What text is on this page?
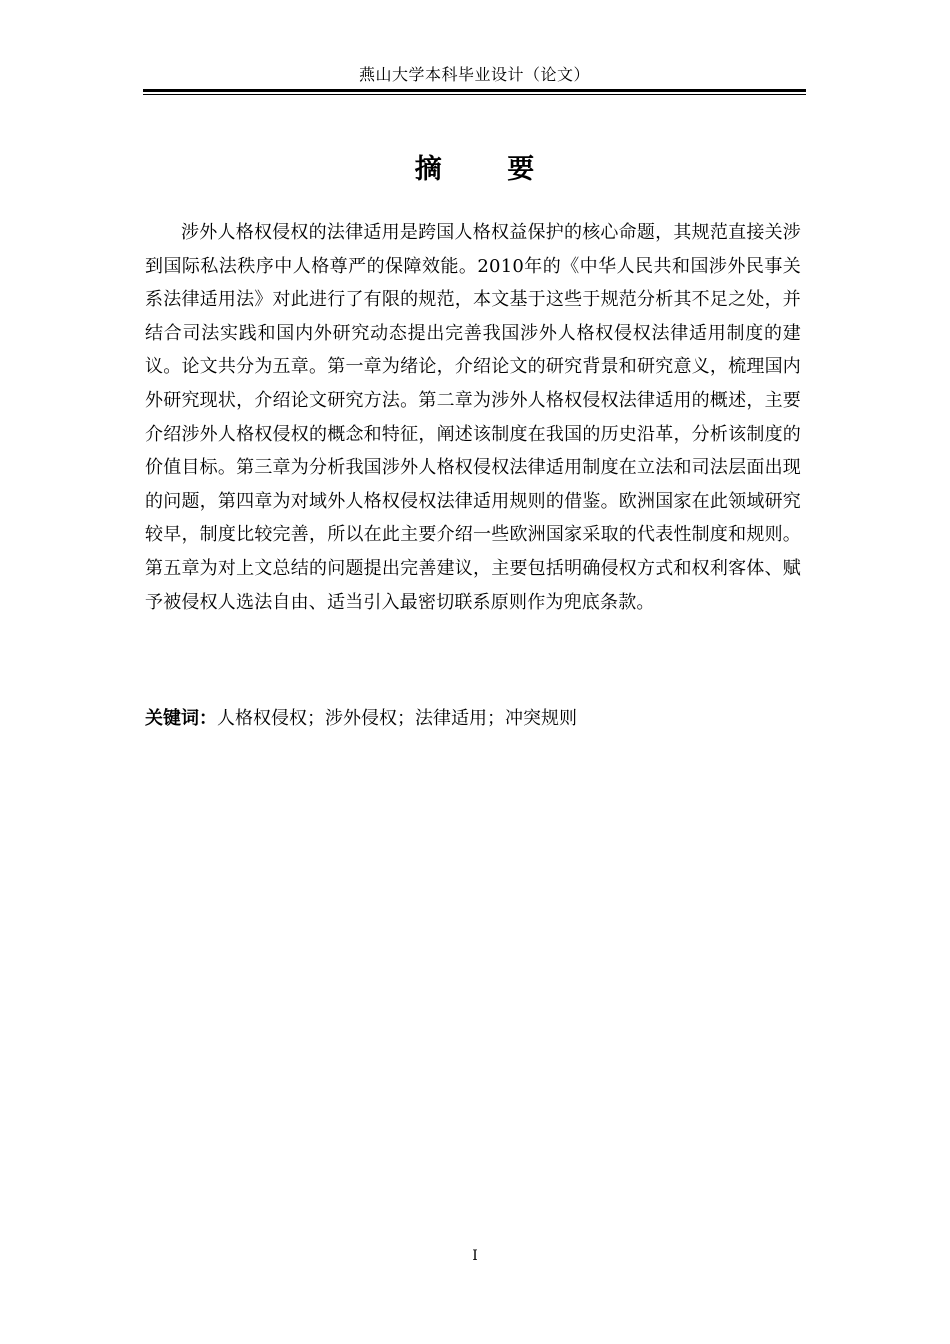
燕山大学本科毕业设计（论文）
摘 要

涉外人格权侵权的法律适用是跨国人格权益保护的核心命题，其规范直接关涉到国际私法秩序中人格尊严的保障效能。2010年的《中华人民共和国涉外民事关系法律适用法》对此进行了有限的规范，本文基于这些于规范分析其不足之处，并结合司法实践和国内外研究动态提出完善我国涉外人格权侵权法律适用制度的建议。论文共分为五章。第一章为绪论，介绍论文的研究背景和研究意义，梳理国内外研究现状，介绍论文研究方法。第二章为涉外人格权侵权法律适用的概述，主要介绍涉外人格权侵权的概念和特征，阐述该制度在我国的历史沿革，分析该制度的价值目标。第三章为分析我国涉外人格权侵权法律适用制度在立法和司法层面出现的问题，第四章为对域外人格权侵权法律适用规则的借鉴。欧洲国家在此领域研究较早，制度比较完善，所以在此主要介绍一些欧洲国家采取的代表性制度和规则。第五章为对上文总结的问题提出完善建议，主要包括明确侵权方式和权利客体、赋予被侵权人选法自由、适当引入最密切联系原则作为兜底条款。

关键词：人格权侵权；涉外侵权；法律适用；冲突规则
I
